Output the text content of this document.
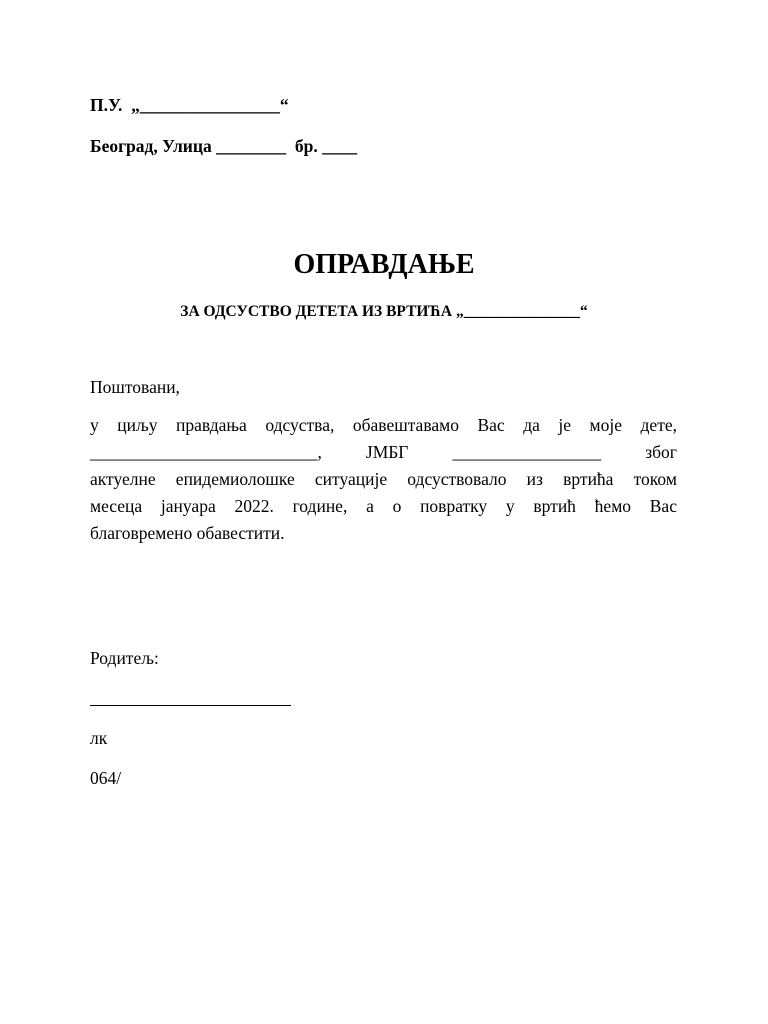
П.У.  „________________“
Београд, Улица ________  бр. ____
ОПРАВДАЊЕ
ЗА ОДСУСТВО ДЕТЕТА ИЗ ВРТИЋА „_______________“
Поштовани,
у циљу правдања одсуства, обавештавамо Вас да је моје дете,
__________________________,	ЈМБГ	_________________	због
актуелне епидемиолошке ситуације одсуствовало из вртића током
месеца јануара 2022. године, а о повратку у вртић ћемо Вас
благовремено обавестити.
Родитељ:
лк
064/
